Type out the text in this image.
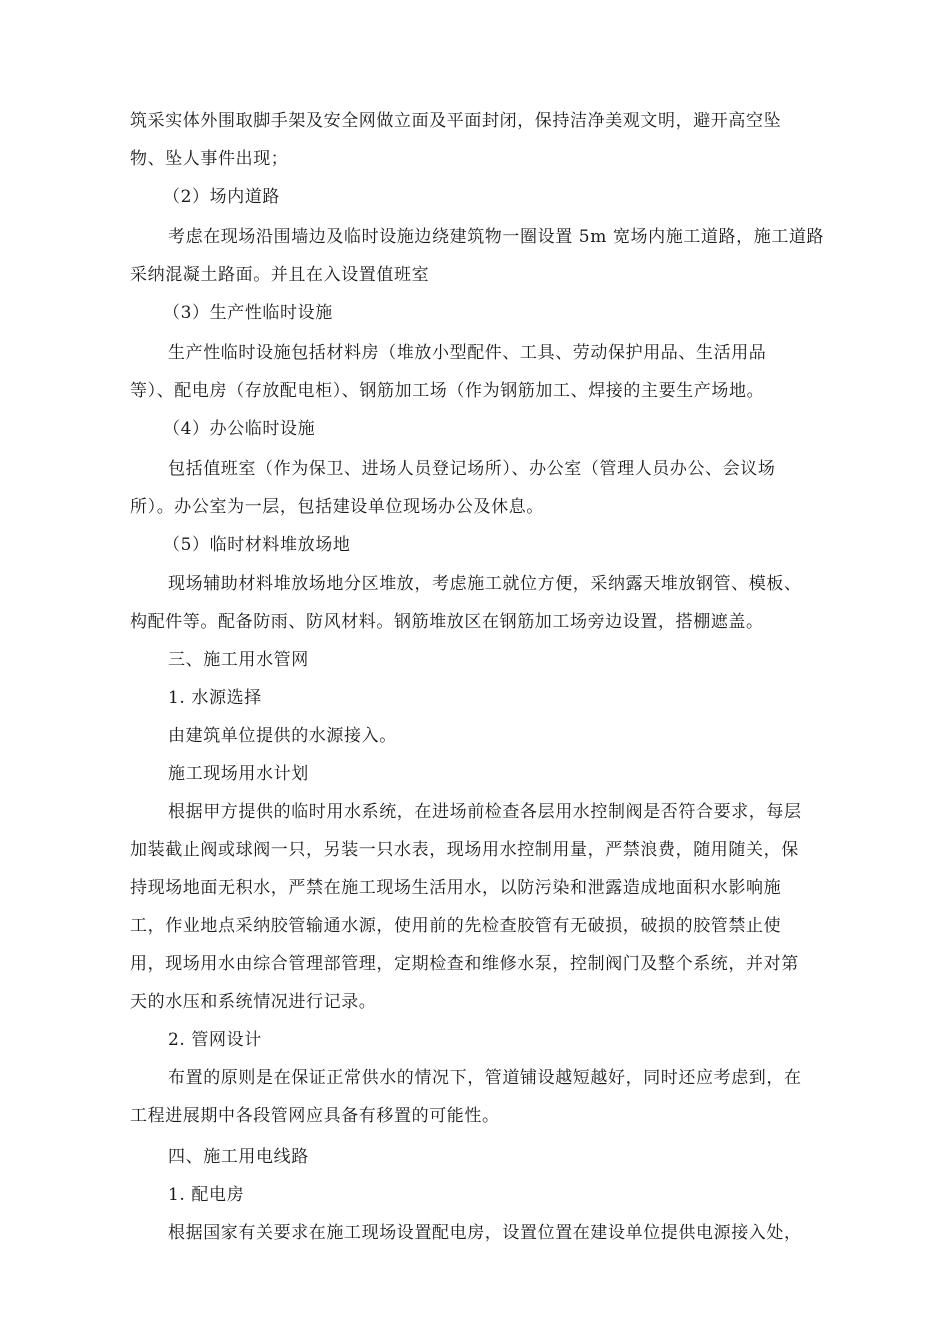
筑采实体外围取脚手架及安全网做立面及平面封闭，保持洁净美观文明，避开高空坠
物、坠人事件出现；
（2）场内道路
考虑在现场沿围墙边及临时设施边绕建筑物一圈设置 5m 宽场内施工道路，施工道路
采纳混凝土路面。并且在入设置值班室
（3）生产性临时设施
生产性临时设施包括材料房（堆放小型配件、工具、劳动保护用品、生活用品
等）、配电房（存放配电柜）、钢筋加工场（作为钢筋加工、焊接的主要生产场地。
（4）办公临时设施
包括值班室（作为保卫、进场人员登记场所）、办公室（管理人员办公、会议场
所）。办公室为一层，包括建设单位现场办公及休息。
（5）临时材料堆放场地
现场辅助材料堆放场地分区堆放，考虑施工就位方便，采纳露天堆放钢管、模板、
构配件等。配备防雨、防风材料。钢筋堆放区在钢筋加工场旁边设置，搭棚遮盖。
三、施工用水管网
1. 水源选择
由建筑单位提供的水源接入。
施工现场用水计划
根据甲方提供的临时用水系统，在进场前检查各层用水控制阀是否符合要求，每层
加装截止阀或球阀一只，另装一只水表，现场用水控制用量，严禁浪费，随用随关，保
持现场地面无积水，严禁在施工现场生活用水，以防污染和泄露造成地面积水影响施
工，作业地点采纳胶管输通水源，使用前的先检查胶管有无破损，破损的胶管禁止使
用，现场用水由综合管理部管理，定期检查和维修水泵，控制阀门及整个系统，并对第
天的水压和系统情况进行记录。
2. 管网设计
布置的原则是在保证正常供水的情况下，管道铺设越短越好，同时还应考虑到，在
工程进展期中各段管网应具备有移置的可能性。
四、施工用电线路
1. 配电房
根据国家有关要求在施工现场设置配电房，设置位置在建设单位提供电源接入处，
